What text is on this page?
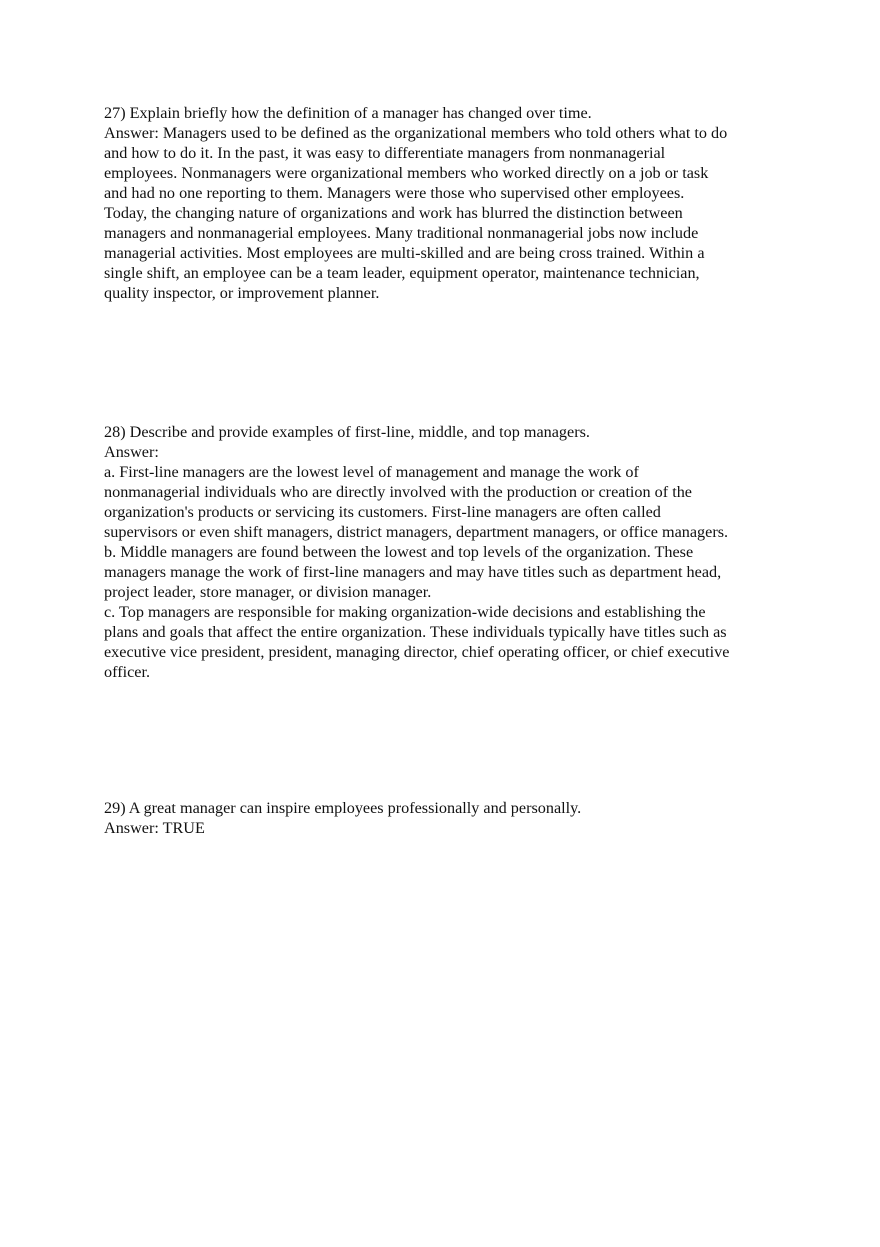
27) Explain briefly how the definition of a manager has changed over time.
Answer: Managers used to be defined as the organizational members who told others what to do
and how to do it. In the past, it was easy to differentiate managers from nonmanagerial
employees. Nonmanagers were organizational members who worked directly on a job or task
and had no one reporting to them. Managers were those who supervised other employees.
Today, the changing nature of organizations and work has blurred the distinction between
managers and nonmanagerial employees. Many traditional nonmanagerial jobs now include
managerial activities. Most employees are multi-skilled and are being cross trained. Within a
single shift, an employee can be a team leader, equipment operator, maintenance technician,
quality inspector, or improvement planner.
28) Describe and provide examples of first-line, middle, and top managers.
Answer:
a. First-line managers are the lowest level of management and manage the work of
nonmanagerial individuals who are directly involved with the production or creation of the
organization's products or servicing its customers. First-line managers are often called
supervisors or even shift managers, district managers, department managers, or office managers.
b. Middle managers are found between the lowest and top levels of the organization. These
managers manage the work of first-line managers and may have titles such as department head,
project leader, store manager, or division manager.
c. Top managers are responsible for making organization-wide decisions and establishing the
plans and goals that affect the entire organization. These individuals typically have titles such as
executive vice president, president, managing director, chief operating officer, or chief executive
officer.
29) A great manager can inspire employees professionally and personally.
Answer: TRUE
